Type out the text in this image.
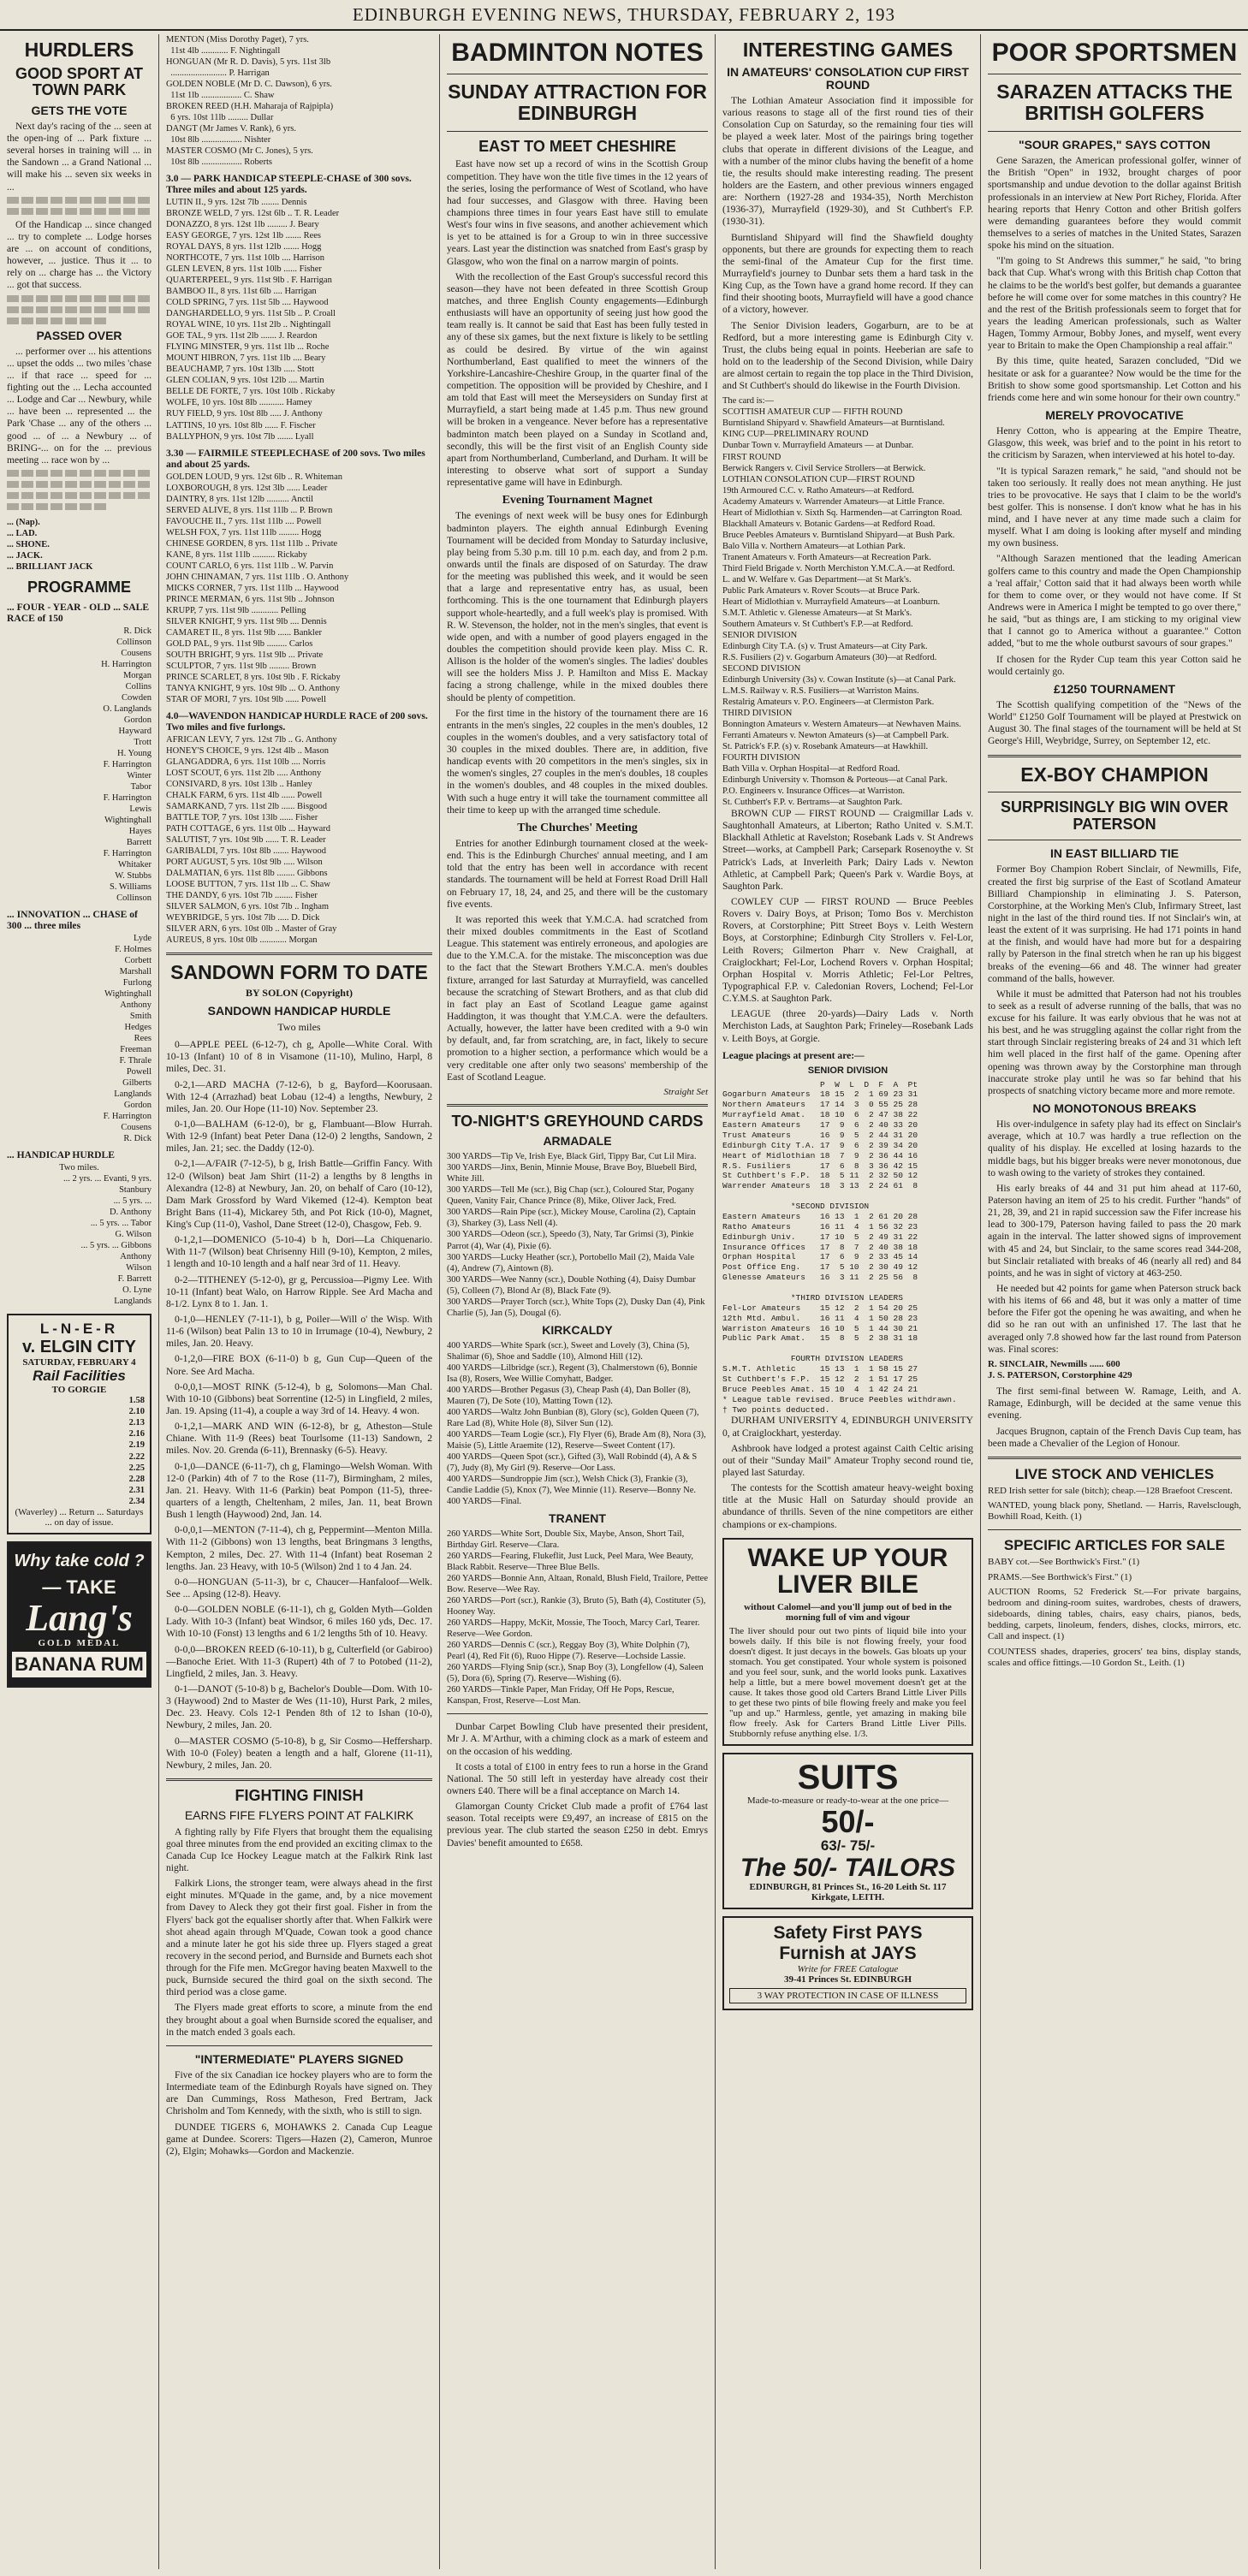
EDINBURGH EVENING NEWS, THURSDAY, FEBRUARY 2, 193
HURDLERS
GOOD SPORT AT TOWN PARK
GETS THE VOTE

Next day's racing of the ... seen at the open-ing of ... Park fixture ... several horses in training will ... in the Sandown ... a Grand National ... will make his ... seven six weeks in ...

Of the Handicap ... since changed ... try to complete ... Lodge horses are ... on account of conditions, however, ... justice. Thus it ... to rely on ... charge has ... the Victory ... got that success.

PASSED OVER

... performer over ... his attentions ... upset the odds ... two miles 'chase ... if that race ... speed for ... fighting out the ... Lecha accounted ... Lodge and Car ... Newbury, while ... have been ... represented ... the Park 'Chase ... any of the others ... good ... of ... a Newbury ... of BRING-... on for the ... previous meeting ... race won by ...

... (Nap).
... LAD.
... SHONE.
... JACK.
... BRILLIANT JACK
PROGRAMME
... FOUR - YEAR - OLD ... SALE RACE of 150
R. Dick
Collinson
Cousens
H. Harrington
Morgan
Collins
Cowden
O. Langlands
Gordon
Hayward
Trott
H. Young
F. Harrington
Winter
Tabor
F. Harrington
Lewis
Wightinghall
Hayes
Barrett
F. Harrington
Whitaker
W. Stubbs
S. Williams
Collinson
... INNOVATION ... CHASE of 300 ... three miles
Lyde
F. Holmes
Corbett
Marshall
Furlong
Wightinghall
Anthony
Smith
Hedges
Rees
Freeman
F. Thrale
Powell
Gilberts
Langlands
Gordon
F. Harrington
Cousens
R. Dick
... HANDICAP HURDLE
Two miles.
... 2 yrs. ... Evanti, 9 yrs.
Stanbury
... 5 yrs. ...
D. Anthony
... 5 yrs. ... Tabor
G. Wilson
... 5 yrs. ... Gibbons
Anthony
Wilson
F. Barrett
O. Lyne
Langlands
L-N-E-R
v. ELGIN CITY
SATURDAY, FEBRUARY 4
Rail Facilities
TO GORGIE
1.58
2.10
2.13
2.16
2.19
2.22
2.25
2.28
2.31
2.34
(Waverley) ... Return ... Saturdays ... on day of issue.
Why take cold ?
— TAKE
Lang's
GOLD MEDAL
BANANA RUM
MENTON (Miss Dorothy Paget), 7 yrs.
11st 4lb ............ F. Nightingall
HONGUAN (Mr R. D. Davis), 5 yrs. 11st 3lb
......................... P. Harrigan
GOLDEN NOBLE (Mr D. C. Dawson), 6 yrs.
11st 1lb .................. C. Shaw
BROKEN REED (H.H. Maharaja of Rajpipla)
6 yrs. 10st 11lb ......... Dullar
DANGT (Mr James V. Rank), 6 yrs.
10st 8lb .................. Nishter
MASTER COSMO (Mr C. Jones), 5 yrs.
10st 8lb .................. Roberts
3.0 — PARK HANDICAP STEEPLE-CHASE of 300 sovs. Three miles and about 125 yards.
LUTIN II., 9 yrs. 12st 7lb ........ Dennis
BRONZE WELD, 7 yrs. 12st 6lb .. T. R. Leader
DONAZZO, 8 yrs. 12st 1lb ......... J. Beary
EASY GEORGE, 7 yrs. 12st 1lb ....... Rees
ROYAL DAYS, 8 yrs. 11st 12lb ....... Hogg
NORTHCOTE, 7 yrs. 11st 10lb .... Harrison
GLEN LEVEN, 8 yrs. 11st 10lb ...... Fisher
QUARTERPEEL, 9 yrs. 11st 9lb . F. Harrigan
BAMBOO II., 8 yrs. 11st 6lb .... Harrigan
COLD SPRING, 7 yrs. 11st 5lb .... Haywood
DANGHARDELLO, 9 yrs. 11st 5lb .. P. Croall
ROYAL WINE, 10 yrs. 11st 2lb .. Nightingall
GOE TAL, 9 yrs. 11st 2lb ....... J. Reardon
FLYING MINSTER, 9 yrs. 11st 1lb ... Roche
MOUNT HIBRON, 7 yrs. 11st 1lb .... Beary
BEAUCHAMP, 7 yrs. 10st 13lb ..... Stott
GLEN COLIAN, 9 yrs. 10st 12lb .... Martin
BELLE DE FORTE, 7 yrs. 10st 10lb . Rickaby
WOLFE, 10 yrs. 10st 8lb ........... Hamey
RUY FIELD, 9 yrs. 10st 8lb ..... J. Anthony
LATTINS, 10 yrs. 10st 8lb ...... F. Fischer
BALLYPHON, 9 yrs. 10st 7lb ....... Lyall
3.30 — FAIRMILE STEEPLECHASE of 200 sovs. Two miles and about 25 yards.
GOLDEN LOUD, 9 yrs. 12st 6lb .. R. Whiteman
LOXBOROUGH, 8 yrs. 12st 3lb ...... Leader
DAINTRY, 8 yrs. 11st 12lb .......... Anctil
SERVED ALIVE, 8 yrs. 11st 11lb ... P. Brown
FAVOUCHE II., 7 yrs. 11st 11lb .... Powell
WELSH FOX, 7 yrs. 11st 11lb ......... Hogg
CHINESE GORDEN, 8 yrs. 11st 11lb .. Private
KANE, 8 yrs. 11st 11lb .......... Rickaby
COUNT CARLO, 6 yrs. 11st 11lb .. W. Parvin
JOHN CHINAMAN, 7 yrs. 11st 11lb . O. Anthony
MICKS CORNER, 7 yrs. 11st 11lb ... Haywood
PRINCE MERMAN, 6 yrs. 11st 9lb .. Johnson
KRUPP, 7 yrs. 11st 9lb ............ Pelling
SILVER KNIGHT, 9 yrs. 11st 9lb .... Dennis
CAMARET II., 8 yrs. 11st 9lb ...... Bankler
GOLD PAL, 9 yrs. 11st 9lb ......... Carlos
SOUTH BRIGHT, 9 yrs. 11st 9lb ... Private
SCULPTOR, 7 yrs. 11st 9lb ......... Brown
PRINCE SCARLET, 8 yrs. 10st 9lb . F. Rickaby
TANYA KNIGHT, 9 yrs. 10st 9lb ... O. Anthony
STAR OF MORI, 7 yrs. 10st 9lb ...... Powell
4.0—WAVENDON HANDICAP HURDLE RACE of 200 sovs. Two miles and five furlongs.
AFRICAN LEVY, 7 yrs. 12st 7lb .. G. Anthony
HONEY'S CHOICE, 9 yrs. 12st 4lb .. Mason
GLANGADDRA, 6 yrs. 11st 10lb .... Norris
LOST SCOUT, 6 yrs. 11st 2lb ..... Anthony
CONSIVARD, 8 yrs. 10st 13lb .. Hanley
CHALK FARM, 6 yrs. 11st 4lb ...... Powell
SAMARKAND, 7 yrs. 11st 2lb ...... Bisgood
BATTLE TOP, 7 yrs. 10st 13lb ...... Fisher
PATH COTTAGE, 6 yrs. 11st 0lb ... Hayward
SALUTIST, 7 yrs. 10st 9lb ...... T. R. Leader
GARIBALDI, 7 yrs. 10st 8lb ....... Haywood
PORT AUGUST, 5 yrs. 10st 9lb ..... Wilson
DALMATIAN, 6 yrs. 11st 8lb ........ Gibbons
LOOSE BUTTON, 7 yrs. 11st 1lb ... C. Shaw
THE DANDY, 6 yrs. 10st 7lb ........ Fisher
SILVER SALMON, 6 yrs. 10st 7lb .. Ingham
WEYBRIDGE, 5 yrs. 10st 7lb ..... D. Dick
SILVER ARN, 6 yrs. 10st 0lb .. Master of Gray
AUREUS, 8 yrs. 10st 0lb ............ Morgan
SANDOWN FORM TO DATE
BY SOLON (Copyright)
SANDOWN HANDICAP HURDLE
Two miles

0—APPLE PEEL (6-12-7), ch g, Apolle—White Coral. With 10-13 (Infant) 10 of 8 in Visamone (11-10), Mulino, Harpl, 8 miles, Dec. 31.

0-2,1—ARD MACHA (7-12-6), b g, Bayford—Koorusaan. With 12-4 (Arrazhad) beat Lobau (12-4) a lengths, Newbury, 2 miles, Jan. 20. Our Hope (11-10) Nov. September 23.

0-1,0—BALHAM (6-12-0), br g, Flambuant—Blow Hurrah. With 12-9 (Infant) beat Peter Dana (12-0) 2 lengths, Sandown, 2 miles, Jan. 21; sec. the Daddy (12-0).

0-2,1—A/FAIR (7-12-5), b g, Irish Battle—Griffin Fancy. With 12-0 (Wilson) beat Jam Shirt (11-2) a lengths by 8 lengths in Alexandra (12-8) at Newbury, Jan. 20, on behalf of Caro (10-12), Dam Mark Grossford by Ward Vikemed (12-4). Kempton beat Bright Bans (11-4), Mickarey 5th, and Pot Rick (10-0), Magnet, King's Cup (11-0), Vashol, Dane Street (12-0), Chasgow, Feb. 9.

0-1,2,1—DOMENICO (5-10-4) b h, Dori—La Chiquenario. With 11-7 (Wilson) beat Chrisenny Hill (9-10), Kempton, 2 miles, 1 length and 10-10 length and a half near 3rd of 11. Heavy.

0-2—TITHENEY (5-12-0), gr g, Percussioa—Pigmy Lee. With 10-11 (Infant) beat Walo, on Harrow Ripple. See Ard Macha and 8-1/2. Lynx 8 to 1. Jan. 1.

0-1,0—HENLEY (7-11-1), b g, Poiler—Will o' the Wisp. With 11-6 (Wilson) beat Palin 13 to 10 in Irrumage (10-4), Newbury, 2 miles, Jan. 20. Heavy.

0-1,2,0—FIRE BOX (6-11-0) b g, Gun Cup—Queen of the Nore. See Ard Macha.

0-0,0,1—MOST RINK (5-12-4), b g, Solomons—Man Chal. With 10-10 (Gibbons) beat Sorrentine (12-5) in Lingfield, 2 miles, Jan. 19. Apsing (11-4), a couple a way 3rd of 14. Heavy. 4 won.

0-1,2,1—MARK AND WIN (6-12-8), br g, Atheston—Stule Chiane. With 11-9 (Rees) beat Tourlsome (11-13) Sandown, 2 miles. Nov. 20. Grenda (6-11), Brennasky (6-5). Heavy.

0-1,0—DANCE (6-11-7), ch g, Flamingo—Welsh Woman. With 12-0 (Parkin) 4th of 7 to the Rose (11-7), Birmingham, 2 miles, Jan. 21. Heavy. With 11-6 (Parkin) beat Pompon (11-5), three-quarters of a length, Cheltenham, 2 miles, Jan. 11, beat Brown Bush 1 length (Haywood) 2nd, Jan. 14.

0-0,0,1—MENTON (7-11-4), ch g, Peppermint—Menton Milla. With 11-2 (Gibbons) won 13 lengths, beat Bringmans 3 lengths, Kempton, 2 miles, Dec. 27. With 11-4 (Infant) beat Roseman 2 lengths. Jan. 23 Heavy, with 10-5 (Wilson) 2nd 1 to 4 Jan. 24.

0-0—HONGUAN (5-11-3), br c, Chaucer—Hanfaloof—Welk. See ... Apsing (12-8). Heavy.

0-0—GOLDEN NOBLE (6-11-1), ch g, Golden Myth—Golden Lady. With 10-3 (Infant) beat Windsor, 6 miles 160 yds, Dec. 17. With 10-10 (Fonst) 13 lengths and 6 1/2 lengths 5th of 10. Heavy.

0-0,0—BROKEN REED (6-10-11), b g, Culterfield (or Gabiroo)—Banoche Eriet. With 11-3 (Rupert) 4th of 7 to Potobed (11-2), Lingfield, 2 miles, Jan. 3. Heavy.

0-1—DANOT (5-10-8) b g, Bachelor's Double—Dom. With 10-3 (Haywood) 2nd to Master de Wes (11-10), Hurst Park, 2 miles, Dec. 23. Heavy. Cols 12-1 Penden 8th of 12 to Ishan (10-0), Newbury, 2 miles, Jan. 20.

0—MASTER COSMO (5-10-8), b g, Sir Cosmo—Heffersharp. With 10-0 (Foley) beaten a length and a half, Glorene (11-11), Newbury, 2 miles, Jan. 20.

FIGHTING FINISH
EARNS FIFE FLYERS POINT AT FALKIRK

A fighting rally by Fife Flyers that brought them the equalising goal three minutes from the end provided an exciting climax to the Canada Cup Ice Hockey League match at the Falkirk Rink last night.

Falkirk Lions, the stronger team, were always ahead in the first eight minutes. M'Quade in the game, and, by a nice movement from Davey to Aleck they got their first goal. Fisher in from the Flyers' back got the equaliser shortly after that. When Falkirk were shot ahead again through M'Quade, Cowan took a good chance and a minute later he got his side three up. Flyers staged a great recovery in the second period, and Burnside and Burnets each shot through for the Fife men. McGregor having beaten Maxwell to the puck, Burnside secured the third goal on the sixth second. The third period was a close game.

The Flyers made great efforts to score, a minute from the end they brought about a goal when Burnside scored the equaliser, and in the match ended 3 goals each.

"INTERMEDIATE" PLAYERS SIGNED

Five of the six Canadian ice hockey players who are to form the Intermediate team of the Edinburgh Royals have signed on. They are Dan Cummings, Ross Matheson, Fred Bertram, Jack Chrisholm and Tom Kennedy, with the sixth, who is still to sign.

DUNDEE TIGERS 6, MOHAWKS 2. Canada Cup League game at Dundee. Scorers: Tigers—Hazen (2), Cameron, Munroe (2), Elgin; Mohawks—Gordon and Mackenzie.

BADMINTON NOTES
SUNDAY ATTRACTION FOR EDINBURGH
EAST TO MEET CHESHIRE

East have now set up a record of wins in the Scottish Group competition. They have won the title five times in the 12 years of the series, losing the performance of West of Scotland, who have had four successes, and Glasgow with three. Having been champions three times in four years East have still to emulate West's four wins in five seasons, and another achievement which is yet to be attained is for a Group to win in three successive years. Last year the distinction was snatched from East's grasp by Glasgow, who won the final on a narrow margin of points.

With the recollection of the East Group's successful record this season—they have not been defeated in three Scottish Group matches, and three English County engagements—Edinburgh enthusiasts will have an opportunity of seeing just how good the team really is. It cannot be said that East has been fully tested in any of these six games, but the next fixture is likely to be settling as could be desired. By virtue of the win against Northumberland, East qualified to meet the winners of the Yorkshire-Lancashire-Cheshire Group, in the quarter final of the competition. The opposition will be provided by Cheshire, and I am told that East will meet the Merseysiders on Sunday first at Murrayfield, a start being made at 1.45 p.m. Thus new ground will be broken in a vengeance. Never before has a representative badminton match been played on a Sunday in Scotland and, secondly, this will be the first visit of an English County side apart from Northumberland, Cumberland, and Durham. It will be interesting to observe what sort of support a Sunday representative game will have in Edinburgh.

Evening Tournament Magnet

The evenings of next week will be busy ones for Edinburgh badminton players. The eighth annual Edinburgh Evening Tournament will be decided from Monday to Saturday inclusive, play being from 5.30 p.m. till 10 p.m. each day, and from 2 p.m. onwards until the finals are disposed of on Saturday. The draw for the meeting was published this week, and it would be seen that a large and representative entry has, as usual, been forthcoming. This is the one tournament that Edinburgh players support whole-heartedly, and a full week's play is promised. With R. W. Stevenson, the holder, not in the men's singles, that event is wide open, and with a number of good players engaged in the doubles the competition should provide keen play. Miss C. R. Allison is the holder of the women's singles. The ladies' doubles will see the holders Miss J. P. Hamilton and Miss E. Mackay facing a strong challenge, while in the mixed doubles there should be plenty of competition.

For the first time in the history of the tournament there are 16 entrants in the men's singles, 22 couples in the men's doubles, 12 couples in the women's doubles, and a very satisfactory total of 30 couples in the mixed doubles. There are, in addition, five handicap events with 20 competitors in the men's singles, six in the women's singles, 27 couples in the men's doubles, 18 couples in the women's doubles, and 48 couples in the mixed doubles. With such a huge entry it will take the tournament committee all their time to keep up with the arranged time schedule.

The Churches' Meeting

Entries for another Edinburgh tournament closed at the week-end. This is the Edinburgh Churches' annual meeting, and I am told that the entry has been well in accordance with recent standards. The tournament will be held at Forrest Road Drill Hall on February 17, 18, 24, and 25, and there will be the customary five events.

It was reported this week that Y.M.C.A. had scratched from their mixed doubles commitments in the East of Scotland League. This statement was entirely erroneous, and apologies are due to the Y.M.C.A. for the mistake. The misconception was due to the fact that the Stewart Brothers Y.M.C.A. men's doubles fixture, arranged for last Saturday at Murrayfield, was cancelled because the scratching of Stewart Brothers, and as that club did in fact play an East of Scotland League game against Haddington, it was thought that Y.M.C.A. were the defaulters. Actually, however, the latter have been credited with a 9-0 win by default, and, far from scratching, are, in fact, likely to secure promotion to a higher section, a performance which would be a very creditable one after only two seasons' membership of the East of Scotland League.

Straight Set
TO-NIGHT'S GREYHOUND CARDS
ARMADALE
300 YARDS—Tip Ve, Irish Eye, Black Girl, Tippy Bar, Cut Lil Mira.
300 YARDS—Jinx, Benin, Minnie Mouse, Brave Boy, Bluebell Bird, White Jill.
300 YARDS—Tell Me (scr.), Big Chap (scr.), Coloured Star, Pogany Queen, Vanity Fair, Chance Prince (8), Mike, Oliver Jack, Fred.
300 YARDS—Rain Pipe (scr.), Mickey Mouse, Carolina (2), Captain (3), Sharkey (3), Lass Nell (4).
300 YARDS—Odeon (scr.), Speedo (3), Naty, Tar Grimsi (3), Pinkie Parrot (4), War (4), Pixie (6).
300 YARDS—Lucky Heather (scr.), Portobello Mail (2), Maida Vale (4), Andrew (7), Aintown (8).
300 YARDS—Wee Nanny (scr.), Double Nothing (4), Daisy Dumbar (5), Colleen (7), Blond Ar (8), Black Fate (9).
300 YARDS—Prayer Torch (scr.), White Tops (2), Dusky Dan (4), Pink Charlie (5), Jan (5), Dougal (6).
KIRKCALDY
400 YARDS—White Spark (scr.), Sweet and Lovely (3), China (5), Shalimar (6), Shoe and Saddle (10), Almond Hill (12).
400 YARDS—Lilbridge (scr.), Regent (3), Chalmerstown (6), Bonnie Isa (8), Rosers, Wee Willie Comyhatt, Badger.
400 YARDS—Brother Pegasus (3), Cheap Pash (4), Dan Boller (8), Mauren (7), De Sote (10), Matting Town (12).
400 YARDS—Waltz John Bunbian (8), Glory (sc), Golden Queen (7), Rare Lad (8), White Hole (8), Silver Sun (12).
400 YARDS—Team Logie (scr.), Fly Flyer (6), Brade Am (8), Nora (3), Maisie (5), Little Araemite (12), Reserve—Sweet Content (17).
400 YARDS—Queen Spot (scr.), Gifted (3), Wall Robindd (4), A & S (7), Judy (8), My Girl (9). Reserve—Oor Lass.
400 YARDS—Sundroppie Jim (scr.), Welsh Chick (3), Frankie (3), Candie Laddie (5), Knox (7), Wee Minnie (11). Reserve—Bonny Ne.
400 YARDS—Final.
TRANENT
260 YARDS—White Sort, Double Six, Maybe, Anson, Short Tail, Birthday Girl. Reserve—Clara.
260 YARDS—Fearing, Flukeflit, Just Luck, Peel Mara, Wee Beauty, Black Rabbit. Reserve—Three Blue Bells.
260 YARDS—Bonnie Ann, Altaan, Ronald, Blush Field, Trailore, Pettee Bow. Reserve—Wee Ray.
260 YARDS—Port (scr.), Rankie (3), Bruto (5), Bath (4), Costituter (5), Hooney Way.
260 YARDS—Happy, McKit, Mossie, The Tooch, Marcy Carl, Tearer. Reserve—Wee Gordon.
260 YARDS—Dennis C (scr.), Reggay Boy (3), White Dolphin (7), Pearl (4), Red Fit (6), Ruoo Hippe (7). Reserve—Lochside Lassie.
260 YARDS—Flying Snip (scr.), Snap Boy (3), Longfellow (4), Saleen (5), Dora (6), Spring (7). Reserve—Wishing (6).
260 YARDS—Tinkle Paper, Man Friday, Off He Pops, Rescue, Kanspan, Frost, Reserve—Lost Man.

Dunbar Carpet Bowling Club have presented their president, Mr J. A. M'Arthur, with a chiming clock as a mark of esteem and on the occasion of his wedding.

It costs a total of £100 in entry fees to run a horse in the Grand National. The 50 still left in yesterday have already cost their owners £40. There will be a final acceptance on March 14.

Glamorgan County Cricket Club made a profit of £764 last season. Total receipts were £9,497, an increase of £815 on the previous year. The club started the season £250 in debt. Emrys Davies' benefit amounted to £658.

INTERESTING GAMES
IN AMATEURS' CONSOLATION CUP FIRST ROUND

The Lothian Amateur Association find it impossible for various reasons to stage all of the first round ties of their Consolation Cup on Saturday, so the remaining four ties will be played a week later. Most of the pairings bring together clubs that operate in different divisions of the League, and with a number of the minor clubs having the benefit of a home tie, the results should make interesting reading. The present holders are the Eastern, and other previous winners engaged are: Northern (1927-28 and 1934-35), North Merchiston (1936-37), Murrayfield (1929-30), and St Cuthbert's F.P. (1930-31).

Burntisland Shipyard will find the Shawfield doughty opponents, but there are grounds for expecting them to reach the semi-final of the Amateur Cup for the first time. Murrayfield's journey to Dunbar sets them a hard task in the King Cup, as the Town have a grand home record. If they can find their shooting boots, Murrayfield will have a good chance of a victory, however.

The Senior Division leaders, Gogarburn, are to be at Redford, but a more interesting game is Edinburgh City v. Trust, the clubs being equal in points. Heeberian are safe to hold on to the leadership of the Second Division, while Dairy are almost certain to regain the top place in the Third Division, and St Cuthbert's should do likewise in the Fourth Division.

The card is:—
SCOTTISH AMATEUR CUP — FIFTH ROUND
Burntisland Shipyard v. Shawfield Amateurs—at Burntisland.
KING CUP—PRELIMINARY ROUND
Dunbar Town v. Murrayfield Amateurs — at Dunbar.
FIRST ROUND
Berwick Rangers v. Civil Service Strollers—at Berwick.
LOTHIAN CONSOLATION CUP—FIRST ROUND
19th Armoured C.C. v. Ratho Amateurs—at Redford.
Academy Amateurs v. Warrender Amateurs—at Little France.
Heart of Midlothian v. Sixth Sq. Harmenden—at Carrington Road.
Blackhall Amateurs v. Botanic Gardens—at Redford Road.
Bruce Peebles Amateurs v. Burntisland Shipyard—at Bush Park.
Balo Villa v. Northern Amateurs—at Lothian Park.
Tranent Amateurs v. Forth Amateurs—at Recreation Park.
Third Field Brigade v. North Merchiston Y.M.C.A.—at Redford.
L. and W. Welfare v. Gas Department—at St Mark's.
Public Park Amateurs v. Rover Scouts—at Bruce Park.
Heart of Midlothian v. Murrayfield Amateurs—at Loanburn.
S.M.T. Athletic v. Glenesse Amateurs—at St Mark's.
Southern Amateurs v. St Cuthbert's F.P.—at Redford.
SENIOR DIVISION
Edinburgh City T.A. (s) v. Trust Amateurs—at City Park.
R.S. Fusiliers (2) v. Gogarburn Amateurs (30)—at Redford.
SECOND DIVISION
Edinburgh University (3s) v. Cowan Institute (s)—at Canal Park.
L.M.S. Railway v. R.S. Fusiliers—at Warriston Mains.
Restalrig Amateurs v. P.O. Engineers—at Clermiston Park.
THIRD DIVISION
Bonnington Amateurs v. Western Amateurs—at Newhaven Mains.
Ferranti Amateurs v. Newton Amateurs (s)—at Campbell Park.
St. Patrick's F.P. (s) v. Rosebank Amateurs—at Hawkhill.
FOURTH DIVISION
Bath Villa v. Orphan Hospital—at Redford Road.
Edinburgh University v. Thomson & Porteous—at Canal Park.
P.O. Engineers v. Insurance Offices—at Warriston.
St. Cuthbert's F.P. v. Bertrams—at Saughton Park.

BROWN CUP — FIRST ROUND — Craigmillar Lads v. Saughtonhall Amateurs, at Liberton; Ratho United v. S.M.T. Blackhall Athletic at Ravelston; Rosebank Lads v. St Andrews Street—works, at Campbell Park; Carsepark Rosenoythe v. St Patrick's Lads, at Inverleith Park; Dairy Lads v. Newton Athletic, at Campbell Park; Queen's Park v. Wardie Boys, at Saughton Park.

COWLEY CUP — FIRST ROUND — Bruce Peebles Rovers v. Dairy Boys, at Prison; Tomo Bos v. Merchiston Rovers, at Corstorphine; Pitt Street Boys v. Leith Western Boys, at Corstorphine; Edinburgh City Strollers v. Fel-Lor, Leith Rovers; Gilmerton Pharr v. New Craighall, at Craiglockhart; Fel-Lor, Lochend Rovers v. Orphan Hospital; Orphan Hospital v. Morris Athletic; Fel-Lor Peltres, Typographical F.P. v. Caledonian Rovers, Lochend; Fel-Lor C.Y.M.S. at Saughton Park.

LEAGUE (three 20-yards)—Dairy Lads v. North Merchiston Lads, at Saughton Park; Frineley—Rosebank Lads v. Leith Boys, at Gorgie.

League placings at present are:—
SENIOR DIVISION
P  W  L  D  F  A  Pt
Gogarburn Amateurs  18 15  2  1 69 23 31
Northern Amateurs   17 14  3  0 55 25 28
Murrayfield Amat.   18 10  6  2 47 38 22
Eastern Amateurs    17  9  6  2 40 33 20
Trust Amateurs      16  9  5  2 44 31 20
Edinburgh City T.A. 17  9  6  2 39 34 20
Heart of Midlothian 18  7  9  2 36 44 16
R.S. Fusiliers      17  6  8  3 36 42 15
St Cuthbert's F.P.  18  5 11  2 32 50 12
Warrender Amateurs  18  3 13  2 24 61  8

*SECOND DIVISION
Eastern Amateurs    16 13  1  2 61 20 28
Ratho Amateurs      16 11  4  1 56 32 23
Edinburgh Univ.     17 10  5  2 49 31 22
Insurance Offices   17  8  7  2 40 38 18
Orphan Hospital     17  6  9  2 33 45 14
Post Office Eng.    17  5 10  2 30 49 12
Glenesse Amateurs   16  3 11  2 25 56  8

*THIRD DIVISION LEADERS
Fel-Lor Amateurs    15 12  2  1 54 20 25
12th Mtd. Ambul.    16 11  4  1 50 28 23
Warriston Amateurs  16 10  5  1 44 30 21
Public Park Amat.   15  8  5  2 38 31 18

FOURTH DIVISION LEADERS
S.M.T. Athletic     15 13  1  1 58 15 27
St Cuthbert's F.P.  15 12  2  1 51 17 25
Bruce Peebles Amat. 15 10  4  1 42 24 21
* League table revised. Bruce Peebles withdrawn.
† Two points deducted.

DURHAM UNIVERSITY 4, EDINBURGH UNIVERSITY 0, at Craiglockhart, yesterday.

Ashbrook have lodged a protest against Caith Celtic arising out of their "Sunday Mail" Amateur Trophy second round tie, played last Saturday.

The contests for the Scottish amateur heavy-weight boxing title at the Music Hall on Saturday should provide an abundance of thrills. Seven of the nine competitors are either champions or ex-champions.

WAKE UP YOUR LIVER BILE
without Calomel—and you'll jump out of bed in the morning full of vim and vigour
The liver should pour out two pints of liquid bile into your bowels daily. If this bile is not flowing freely, your food doesn't digest. It just decays in the bowels. Gas bloats up your stomach. You get constipated. Your whole system is poisoned and you feel sour, sunk, and the world looks punk. Laxatives help a little, but a mere bowel movement doesn't get at the cause. It takes those good old Carters Brand Little Liver Pills to get these two pints of bile flowing freely and make you feel "up and up." Harmless, gentle, yet amazing in making bile flow freely. Ask for Carters Brand Little Liver Pills. Stubbornly refuse anything else. 1/3.
SUITS
Made-to-measure or ready-to-wear at the one price—
50/-
63/- 75/-
The 50/- TAILORS
EDINBURGH, 81 Princes St., 16-20 Leith St. 117 Kirkgate, LEITH.
Safety First PAYS
Furnish at JAYS
Write for FREE Catalogue
39-41 Princes St. EDINBURGH
3 WAY PROTECTION IN CASE OF ILLNESS
POOR SPORTSMEN
SARAZEN ATTACKS THE BRITISH GOLFERS
"SOUR GRAPES," SAYS COTTON

Gene Sarazen, the American professional golfer, winner of the British "Open" in 1932, brought charges of poor sportsmanship and undue devotion to the dollar against British professionals in an interview at New Port Richey, Florida. After hearing reports that Henry Cotton and other British golfers were demanding guarantees before they would commit themselves to a series of matches in the United States, Sarazen spoke his mind on the situation.

"I'm going to St Andrews this summer," he said, "to bring back that Cup. What's wrong with this British chap Cotton that he claims to be the world's best golfer, but demands a guarantee before he will come over for some matches in this country? He and the rest of the British professionals seem to forget that for years the leading American professionals, such as Walter Hagen, Tommy Armour, Bobby Jones, and myself, went every year to Britain to make the Open Championship a real affair."

By this time, quite heated, Sarazen concluded, "Did we hesitate or ask for a guarantee? Now would be the time for the British to show some good sportsmanship. Let Cotton and his friends come here and win some honour for their own country."

MERELY PROVOCATIVE

Henry Cotton, who is appearing at the Empire Theatre, Glasgow, this week, was brief and to the point in his retort to the criticism by Sarazen, when interviewed at his hotel to-day.

"It is typical Sarazen remark," he said, "and should not be taken too seriously. It really does not mean anything. He just tries to be provocative. He says that I claim to be the world's best golfer. This is nonsense. I don't know what he has in his mind, and I have never at any time made such a claim for myself. What I am doing is looking after myself and minding my own business.

"Although Sarazen mentioned that the leading American golfers came to this country and made the Open Championship a 'real affair,' Cotton said that it had always been worth while for them to come over, or they would not have come. If St Andrews were in America I might be tempted to go over there," he said, "but as things are, I am sticking to my original view that I cannot go to America without a guarantee." Cotton added, "but to me the whole outburst savours of sour grapes."

If chosen for the Ryder Cup team this year Cotton said he would certainly go.

£1250 TOURNAMENT

The Scottish qualifying competition of the "News of the World" £1250 Golf Tournament will be played at Prestwick on August 30. The final stages of the tournament will be held at St George's Hill, Weybridge, Surrey, on September 12, etc.

EX-BOY CHAMPION
SURPRISINGLY BIG WIN OVER PATERSON
IN EAST BILLIARD TIE

Former Boy Champion Robert Sinclair, of Newmills, Fife, created the first big surprise of the East of Scotland Amateur Billiard Championship in eliminating J. S. Paterson, Corstorphine, at the Working Men's Club, Infirmary Street, last night in the last of the third round ties. If not Sinclair's win, at least the extent of it was surprising. He had 171 points in hand at the finish, and would have had more but for a despairing rally by Paterson in the final stretch when he ran up his biggest breaks of the evening—66 and 48. The winner had greater command of the balls, however.

While it must be admitted that Paterson had not his troubles to seek as a result of adverse running of the balls, that was no excuse for his failure. It was early obvious that he was not at his best, and he was struggling against the collar right from the start through Sinclair registering breaks of 24 and 31 which left him well placed in the first half of the game. Opening after opening was thrown away by the Corstorphine man through inaccurate stroke play until he was so far behind that his prospects of snatching victory became more and more remote.

NO MONOTONOUS BREAKS

His over-indulgence in safety play had its effect on Sinclair's average, which at 10.7 was hardly a true reflection on the quality of his display. He excelled at losing hazards to the middle bags, but his bigger breaks were never monotonous, due to wash owing to the variety of strokes they contained.

His early breaks of 44 and 31 put him ahead at 117-60, Paterson having an item of 25 to his credit. Further "hands" of 21, 28, 39, and 21 in rapid succession saw the Fifer increase his lead to 300-179, Paterson having failed to pass the 20 mark again in the interval. The latter showed signs of improvement with 45 and 24, but Sinclair, to the same scores read 344-208, but Sinclair retaliated with breaks of 46 (nearly all red) and 84 points, and he was in sight of victory at 463-250.

He needed but 42 points for game when Paterson struck back with his items of 66 and 48, but it was only a matter of time before the Fifer got the opening he was awaiting, and when he did so he ran out with an unfinished 17. The last that he averaged only 7.8 showed how far the last round from Paterson was. Final scores:

R. SINCLAIR, Newmills ...... 600
J. S. PATERSON, Corstorphine 429

The first semi-final between W. Ramage, Leith, and A. Ramage, Edinburgh, will be decided at the same venue this evening.

Jacques Brugnon, captain of the French Davis Cup team, has been made a Chevalier of the Legion of Honour.

LIVE STOCK AND VEHICLES
RED Irish setter for sale (bitch); cheap.—128 Braefoot Crescent.
WANTED, young black pony, Shetland. — Harris, Ravelsclough, Bowhill Road, Keith. (1)
SPECIFIC ARTICLES FOR SALE
BABY cot.—See Borthwick's First." (1)
PRAMS.—See Borthwick's First." (1)
AUCTION Rooms, 52 Frederick St.—For private bargains, bedroom and dining-room suites, wardrobes, chests of drawers, sideboards, dining tables, chairs, easy chairs, pianos, beds, bedding, carpets, linoleum, fenders, dishes, clocks, mirrors, etc. Call and inspect. (1)
COUNTESS shades, draperies, grocers' tea bins, display stands, scales and office fittings.—10 Gordon St., Leith. (1)
